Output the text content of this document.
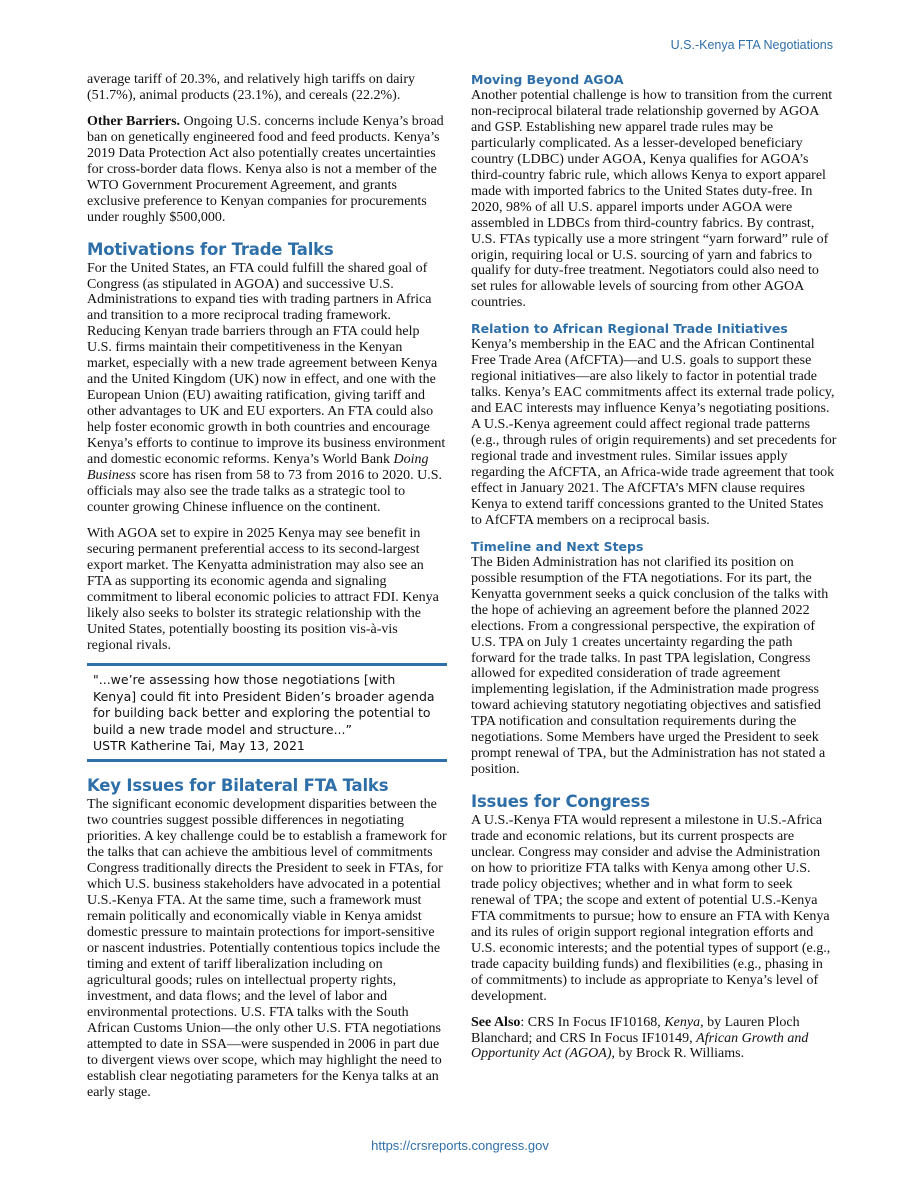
U.S.-Kenya FTA Negotiations

average tariff of 20.3%, and relatively high tariffs on dairy (51.7%), animal products (23.1%), and cereals (22.2%).

Other Barriers. Ongoing U.S. concerns include Kenya’s broad ban on genetically engineered food and feed products. Kenya’s 2019 Data Protection Act also potentially creates uncertainties for cross-border data flows. Kenya also is not a member of the WTO Government Procurement Agreement, and grants exclusive preference to Kenyan companies for procurements under roughly $500,000.

Motivations for Trade Talks

For the United States, an FTA could fulfill the shared goal of Congress (as stipulated in AGOA) and successive U.S. Administrations to expand ties with trading partners in Africa and transition to a more reciprocal trading framework. Reducing Kenyan trade barriers through an FTA could help U.S. firms maintain their competitiveness in the Kenyan market, especially with a new trade agreement between Kenya and the United Kingdom (UK) now in effect, and one with the European Union (EU) awaiting ratification, giving tariff and other advantages to UK and EU exporters. An FTA could also help foster economic growth in both countries and encourage Kenya’s efforts to continue to improve its business environment and domestic economic reforms. Kenya’s World Bank Doing Business score has risen from 58 to 73 from 2016 to 2020. U.S. officials may also see the trade talks as a strategic tool to counter growing Chinese influence on the continent.

With AGOA set to expire in 2025 Kenya may see benefit in securing permanent preferential access to its second-largest export market. The Kenyatta administration may also see an FTA as supporting its economic agenda and signaling commitment to liberal economic policies to attract FDI. Kenya likely also seeks to bolster its strategic relationship with the United States, potentially boosting its position vis-à-vis regional rivals.

"...we’re assessing how those negotiations [with Kenya] could fit into President Biden’s broader agenda for building back better and exploring the potential to build a new trade model and structure...”
USTR Katherine Tai, May 13, 2021
Key Issues for Bilateral FTA Talks

The significant economic development disparities between the two countries suggest possible differences in negotiating priorities. A key challenge could be to establish a framework for the talks that can achieve the ambitious level of commitments Congress traditionally directs the President to seek in FTAs, for which U.S. business stakeholders have advocated in a potential U.S.-Kenya FTA. At the same time, such a framework must remain politically and economically viable in Kenya amidst domestic pressure to maintain protections for import-sensitive or nascent industries. Potentially contentious topics include the timing and extent of tariff liberalization including on agricultural goods; rules on intellectual property rights, investment, and data flows; and the level of labor and environmental protections. U.S. FTA talks with the South African Customs Union—the only other U.S. FTA negotiations attempted to date in SSA—were suspended in 2006 in part due to divergent views over scope, which may highlight the need to establish clear negotiating parameters for the Kenya talks at an early stage.

Moving Beyond AGOA

Another potential challenge is how to transition from the current non-reciprocal bilateral trade relationship governed by AGOA and GSP. Establishing new apparel trade rules may be particularly complicated. As a lesser-developed beneficiary country (LDBC) under AGOA, Kenya qualifies for AGOA’s third-country fabric rule, which allows Kenya to export apparel made with imported fabrics to the United States duty-free. In 2020, 98% of all U.S. apparel imports under AGOA were assembled in LDBCs from third-country fabrics. By contrast, U.S. FTAs typically use a more stringent “yarn forward” rule of origin, requiring local or U.S. sourcing of yarn and fabrics to qualify for duty-free treatment. Negotiators could also need to set rules for allowable levels of sourcing from other AGOA countries.

Relation to African Regional Trade Initiatives

Kenya’s membership in the EAC and the African Continental Free Trade Area (AfCFTA)—and U.S. goals to support these regional initiatives—are also likely to factor in potential trade talks. Kenya’s EAC commitments affect its external trade policy, and EAC interests may influence Kenya’s negotiating positions. A U.S.-Kenya agreement could affect regional trade patterns (e.g., through rules of origin requirements) and set precedents for regional trade and investment rules. Similar issues apply regarding the AfCFTA, an Africa-wide trade agreement that took effect in January 2021. The AfCFTA’s MFN clause requires Kenya to extend tariff concessions granted to the United States to AfCFTA members on a reciprocal basis.

Timeline and Next Steps

The Biden Administration has not clarified its position on possible resumption of the FTA negotiations. For its part, the Kenyatta government seeks a quick conclusion of the talks with the hope of achieving an agreement before the planned 2022 elections. From a congressional perspective, the expiration of U.S. TPA on July 1 creates uncertainty regarding the path forward for the trade talks. In past TPA legislation, Congress allowed for expedited consideration of trade agreement implementing legislation, if the Administration made progress toward achieving statutory negotiating objectives and satisfied TPA notification and consultation requirements during the negotiations. Some Members have urged the President to seek prompt renewal of TPA, but the Administration has not stated a position.

Issues for Congress

A U.S.-Kenya FTA would represent a milestone in U.S.-Africa trade and economic relations, but its current prospects are unclear. Congress may consider and advise the Administration on how to prioritize FTA talks with Kenya among other U.S. trade policy objectives; whether and in what form to seek renewal of TPA; the scope and extent of potential U.S.-Kenya FTA commitments to pursue; how to ensure an FTA with Kenya and its rules of origin support regional integration efforts and U.S. economic interests; and the potential types of support (e.g., trade capacity building funds) and flexibilities (e.g., phasing in of commitments) to include as appropriate to Kenya’s level of development.

See Also: CRS In Focus IF10168, Kenya, by Lauren Ploch Blanchard; and CRS In Focus IF10149, African Growth and Opportunity Act (AGOA), by Brock R. Williams.

https://crsreports.congress.gov
